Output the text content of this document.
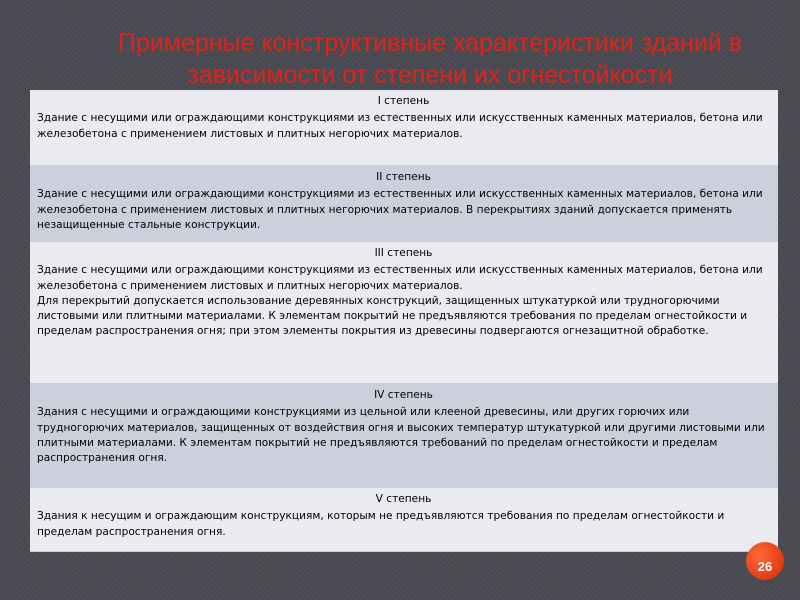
Примерные конструктивные характеристики зданий в
зависимости от степени их огнестойкости
I степень

Здание с несущими или ограждающими конструкциями из естественных или искусственных каменных материалов, бетона или железобетона с применением листовых и плитных негорючих материалов.

II степень

Здание с несущими или ограждающими конструкциями из естественных или искусственных каменных материалов, бетона или железобетона с применением листовых и плитных негорючих материалов. В перекрытиях зданий допускается применять незащищенные стальные конструкции.

III степень

Здание с несущими или ограждающими конструкциями из естественных или искусственных каменных материалов, бетона или железобетона с применением листовых и плитных негорючих материалов.

Для перекрытий допускается использование деревянных конструкций, защищенных штукатуркой или трудногорючими листовыми или плитными материалами. К элементам покрытий не предъявляются требования по пределам огнестойкости и пределам распространения огня; при этом элементы покрытия из древесины подвергаются огнезащитной обработке.

IV степень

Здания с несущими и ограждающими конструкциями из цельной или клееной древесины, или других горючих или трудногорючих материалов, защищенных от воздействия огня и высоких температур штукатуркой или другими листовыми или плитными материалами. К элементам покрытий не предъявляются требований по пределам огнестойкости и пределам распространения огня.

V степень

Здания к несущим и ограждающим конструкциям, которым не предъявляются требования по пределам огнестойкости и пределам распространения огня.

26
